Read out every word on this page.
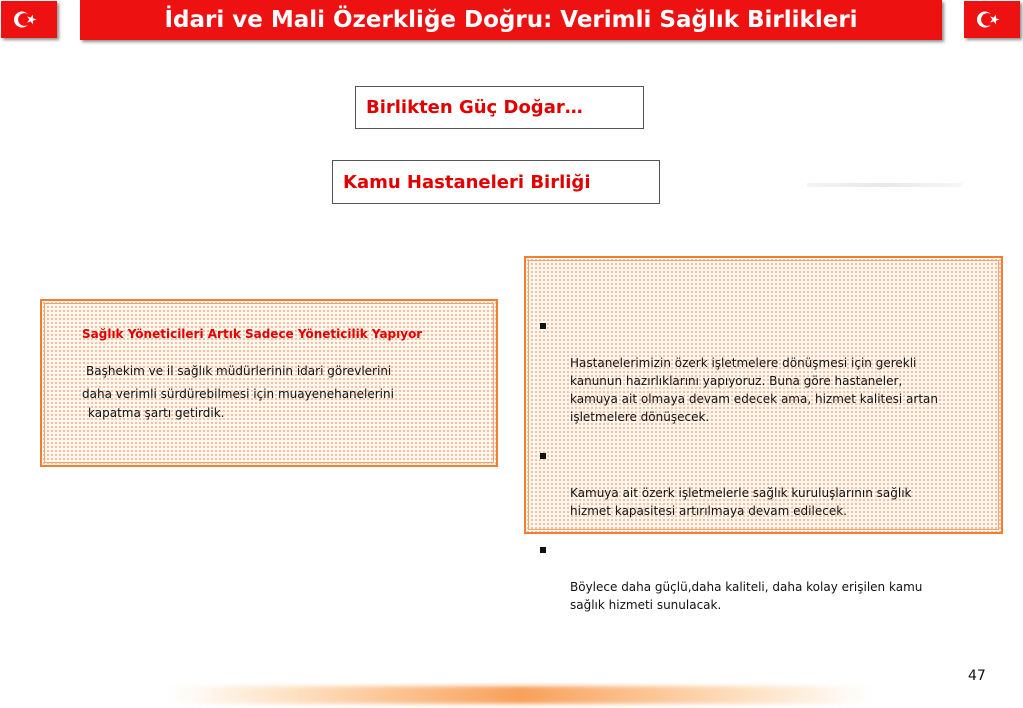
İdari ve Mali Özerkliğe Doğru: Verimli Sağlık Birlikleri
Birlikten Güç Doğar…
Kamu Hastaneleri Birliği
Sağlık Yöneticileri Artık Sadece Yöneticilik Yapıyor
Başhekim ve il sağlık müdürlerinin idari görevlerini
daha verimli sürdürebilmesi için muayenehanelerini
kapatma şartı getirdik.

Hastanelerimizin özerk işletmelere dönüşmesi için gerekli
kanunun hazırlıklarını yapıyoruz. Buna göre hastaneler,
kamuya ait olmaya devam edecek ama, hizmet kalitesi artan
işletmelere dönüşecek.

Kamuya ait özerk işletmelerle sağlık kuruluşlarının sağlık
hizmet kapasitesi artırılmaya devam edilecek.

Böylece daha güçlü,daha kaliteli, daha kolay erişilen kamu
sağlık hizmeti sunulacak.

47
